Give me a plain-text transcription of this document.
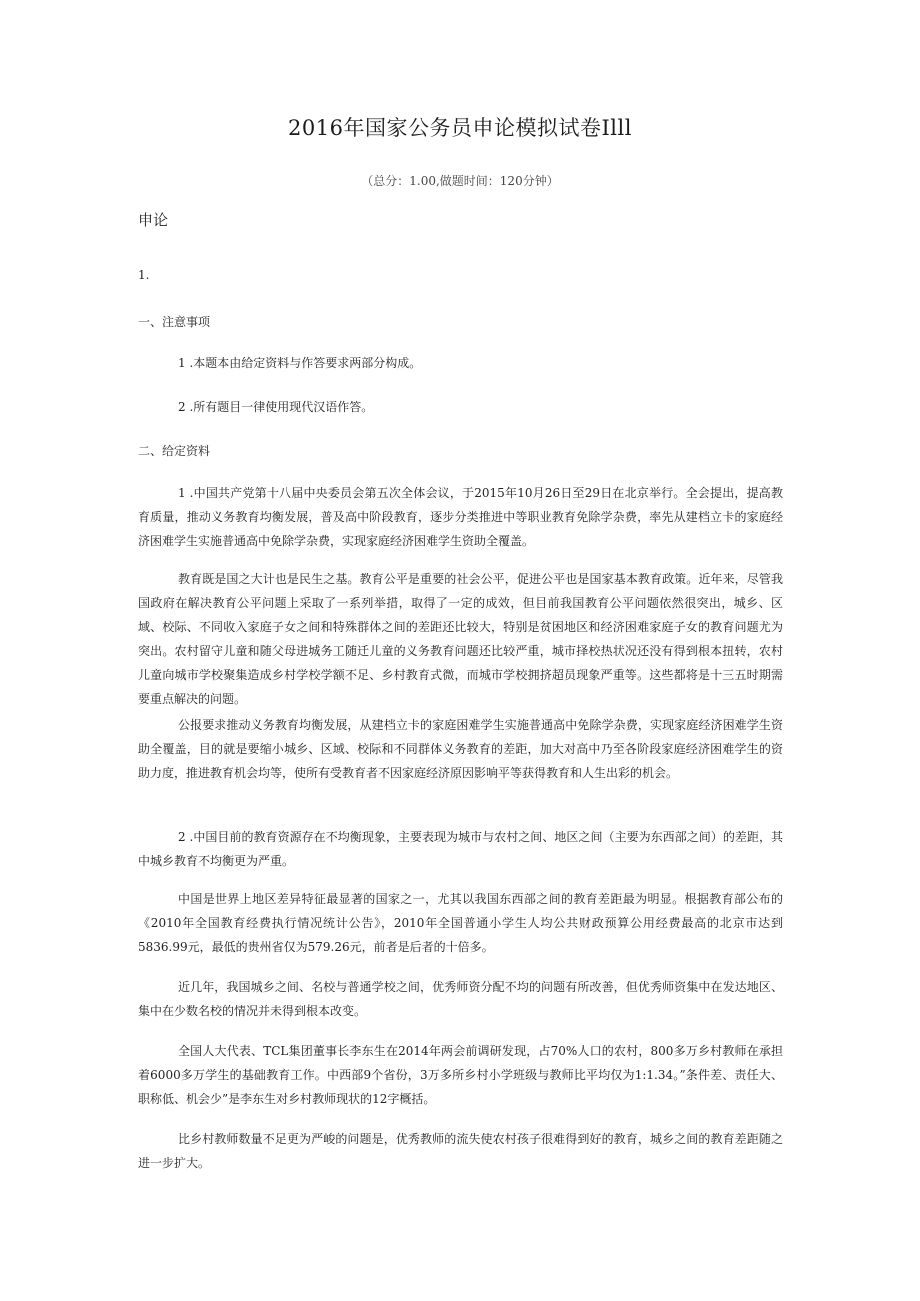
2016年国家公务员申论模拟试卷Illl
（总分：1.00,做题时间：120分钟）
申论
1.
一、注意事项
1 .本题本由给定资料与作答要求两部分构成。
2 .所有题目一律使用现代汉语作答。
二、给定资料

1 .中国共产党第十八届中央委员会第五次全体会议，于2015年10月26日至29日在北京举行。全会提出，提高教育质量，推动义务教育均衡发展，普及高中阶段教育，逐步分类推进中等职业教育免除学杂费，率先从建档立卡的家庭经济困难学生实施普通高中免除学杂费，实现家庭经济困难学生资助全覆盖。

教育既是国之大计也是民生之基。教育公平是重要的社会公平，促进公平也是国家基本教育政策。近年来，尽管我国政府在解决教育公平问题上采取了一系列举措，取得了一定的成效，但目前我国教育公平问题依然很突出，城乡、区域、校际、不同收入家庭子女之间和特殊群体之间的差距还比较大，特别是贫困地区和经济困难家庭子女的教育问题尤为突出。农村留守儿童和随父母进城务工随迁儿童的义务教育问题还比较严重，城市择校热状况还没有得到根本扭转，农村儿童向城市学校聚集造成乡村学校学额不足、乡村教育式微，而城市学校拥挤超员现象严重等。这些都将是十三五时期需要重点解决的问题。

公报要求推动义务教育均衡发展，从建档立卡的家庭困难学生实施普通高中免除学杂费，实现家庭经济困难学生资助全覆盖，目的就是要缩小城乡、区域、校际和不同群体义务教育的差距，加大对高中乃至各阶段家庭经济困难学生的资助力度，推进教育机会均等，使所有受教育者不因家庭经济原因影响平等获得教育和人生出彩的机会。

2 .中国目前的教育资源存在不均衡现象，主要表现为城市与农村之间、地区之间（主要为东西部之间）的差距，其中城乡教育不均衡更为严重。

中国是世界上地区差异特征最显著的国家之一，尤其以我国东西部之间的教育差距最为明显。根据教育部公布的《2010年全国教育经费执行情况统计公告》，2010年全国普通小学生人均公共财政预算公用经费最高的北京市达到5836.99元，最低的贵州省仅为579.26元，前者是后者的十倍多。

近几年，我国城乡之间、名校与普通学校之间，优秀师资分配不均的问题有所改善，但优秀师资集中在发达地区、集中在少数名校的情况并未得到根本改变。

全国人大代表、TCL集团董事长李东生在2014年两会前调研发现，占70%人口的农村，800多万乡村教师在承担着6000多万学生的基础教育工作。中西部9个省份，3万多所乡村小学班级与教师比平均仅为1:1.34。”条件差、责任大、职称低、机会少”是李东生对乡村教师现状的12字概括。

比乡村教师数量不足更为严峻的问题是，优秀教师的流失使农村孩子很难得到好的教育，城乡之间的教育差距随之进一步扩大。
